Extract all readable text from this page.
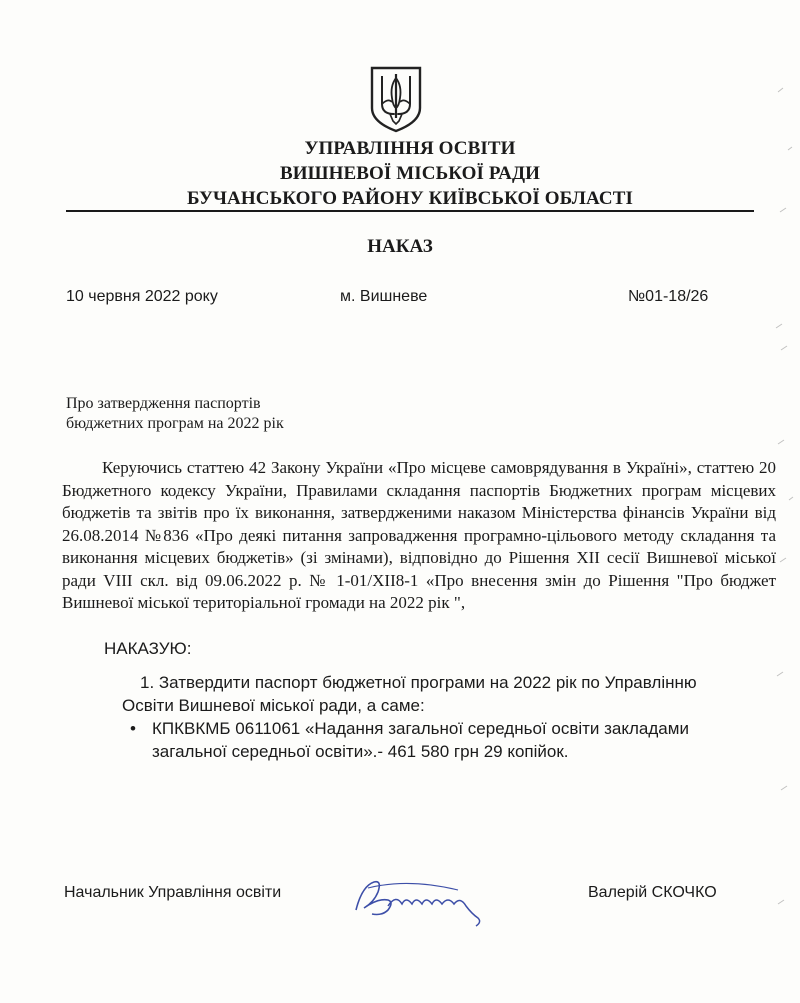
УПРАВЛІННЯ ОСВІТИ
ВИШНЕВОЇ МІСЬКОЇ РАДИ
БУЧАНСЬКОГО РАЙОНУ КИЇВСЬКОЇ ОБЛАСТІ
НАКАЗ
10 червня 2022 року	м. Вишневе	№01-18/26
Про затвердження паспортів
бюджетних програм на 2022 рік
Керуючись статтею 42 Закону України «Про місцеве самоврядування в Україні», статтею 20 Бюджетного кодексу України, Правилами складання паспортів Бюджетних програм місцевих бюджетів та звітів про їх виконання, затвердженими наказом Міністерства фінансів України від 26.08.2014 №836 «Про деякі питання запровадження програмно-цільового методу складання та виконання місцевих бюджетів» (зі змінами), відповідно до Рішення XII сесії Вишневої міської ради VIII скл. від 09.06.2022 р. № 1-01/XII8-1 «Про внесення змін до Рішення "Про бюджет Вишневої міської територіальної громади на 2022 рік ",
НАКАЗУЮ:
1. Затвердити паспорт бюджетної програми на 2022 рік по Управлінню
Освіти Вишневої міської ради, а саме:
• КПКВКМБ 0611061 «Надання загальної середньої освіти закладами загальної середньої освіти».- 461 580 грн 29 копійок.
Начальник Управління освіти	Валерій СКОЧКО
